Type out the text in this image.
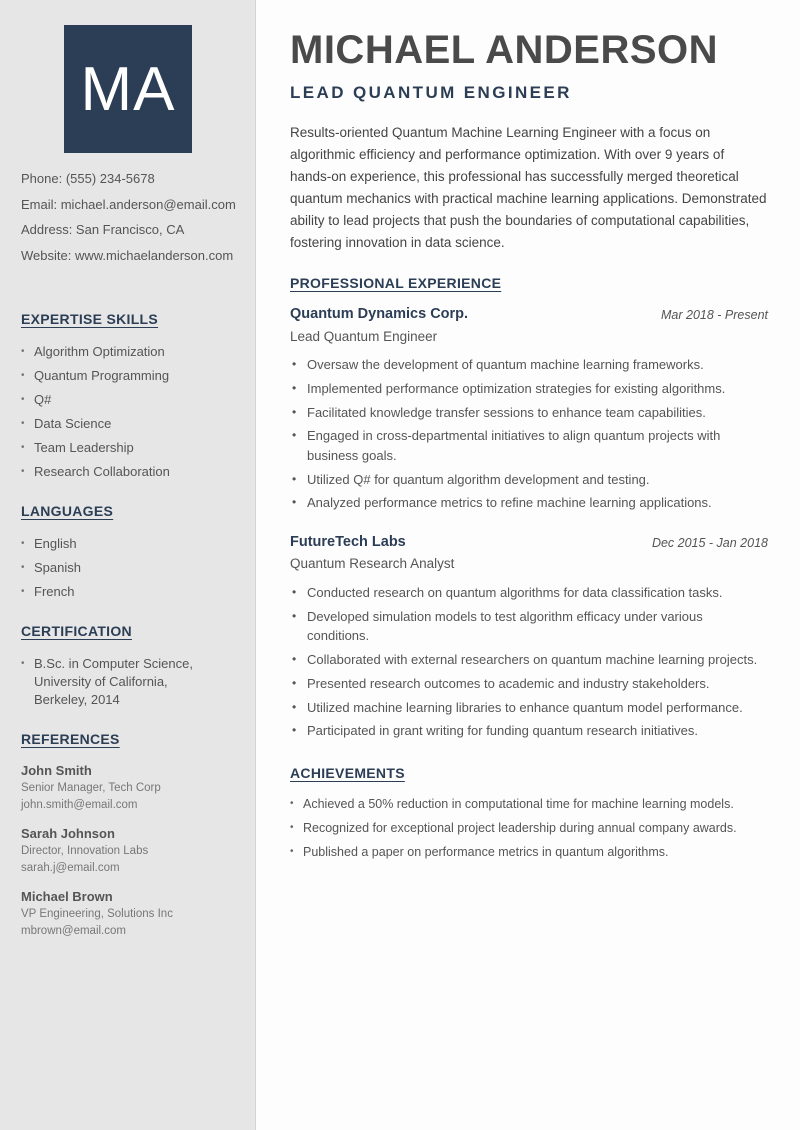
MA
Phone: (555) 234-5678
Email: michael.anderson@email.com
Address: San Francisco, CA
Website: www.michaelanderson.com
EXPERTISE SKILLS
• Algorithm Optimization
• Quantum Programming
• Q#
• Data Science
• Team Leadership
• Research Collaboration
LANGUAGES
• English
• Spanish
• French
CERTIFICATION
• B.Sc. in Computer Science, University of California, Berkeley, 2014
REFERENCES
John Smith
Senior Manager, Tech Corp
john.smith@email.com
Sarah Johnson
Director, Innovation Labs
sarah.j@email.com
Michael Brown
VP Engineering, Solutions Inc
mbrown@email.com
MICHAEL ANDERSON
LEAD QUANTUM ENGINEER

Results-oriented Quantum Machine Learning Engineer with a focus on algorithmic efficiency and performance optimization. With over 9 years of hands-on experience, this professional has successfully merged theoretical quantum mechanics with practical machine learning applications. Demonstrated ability to lead projects that push the boundaries of computational capabilities, fostering innovation in data science.

PROFESSIONAL EXPERIENCE
Quantum Dynamics Corp.	Mar 2018 - Present
Lead Quantum Engineer
• Oversaw the development of quantum machine learning frameworks.
• Implemented performance optimization strategies for existing algorithms.
• Facilitated knowledge transfer sessions to enhance team capabilities.
• Engaged in cross-departmental initiatives to align quantum projects with business goals.
• Utilized Q# for quantum algorithm development and testing.
• Analyzed performance metrics to refine machine learning applications.
FutureTech Labs	Dec 2015 - Jan 2018
Quantum Research Analyst
• Conducted research on quantum algorithms for data classification tasks.
• Developed simulation models to test algorithm efficacy under various conditions.
• Collaborated with external researchers on quantum machine learning projects.
• Presented research outcomes to academic and industry stakeholders.
• Utilized machine learning libraries to enhance quantum model performance.
• Participated in grant writing for funding quantum research initiatives.
ACHIEVEMENTS
• Achieved a 50% reduction in computational time for machine learning models.
• Recognized for exceptional project leadership during annual company awards.
• Published a paper on performance metrics in quantum algorithms.
